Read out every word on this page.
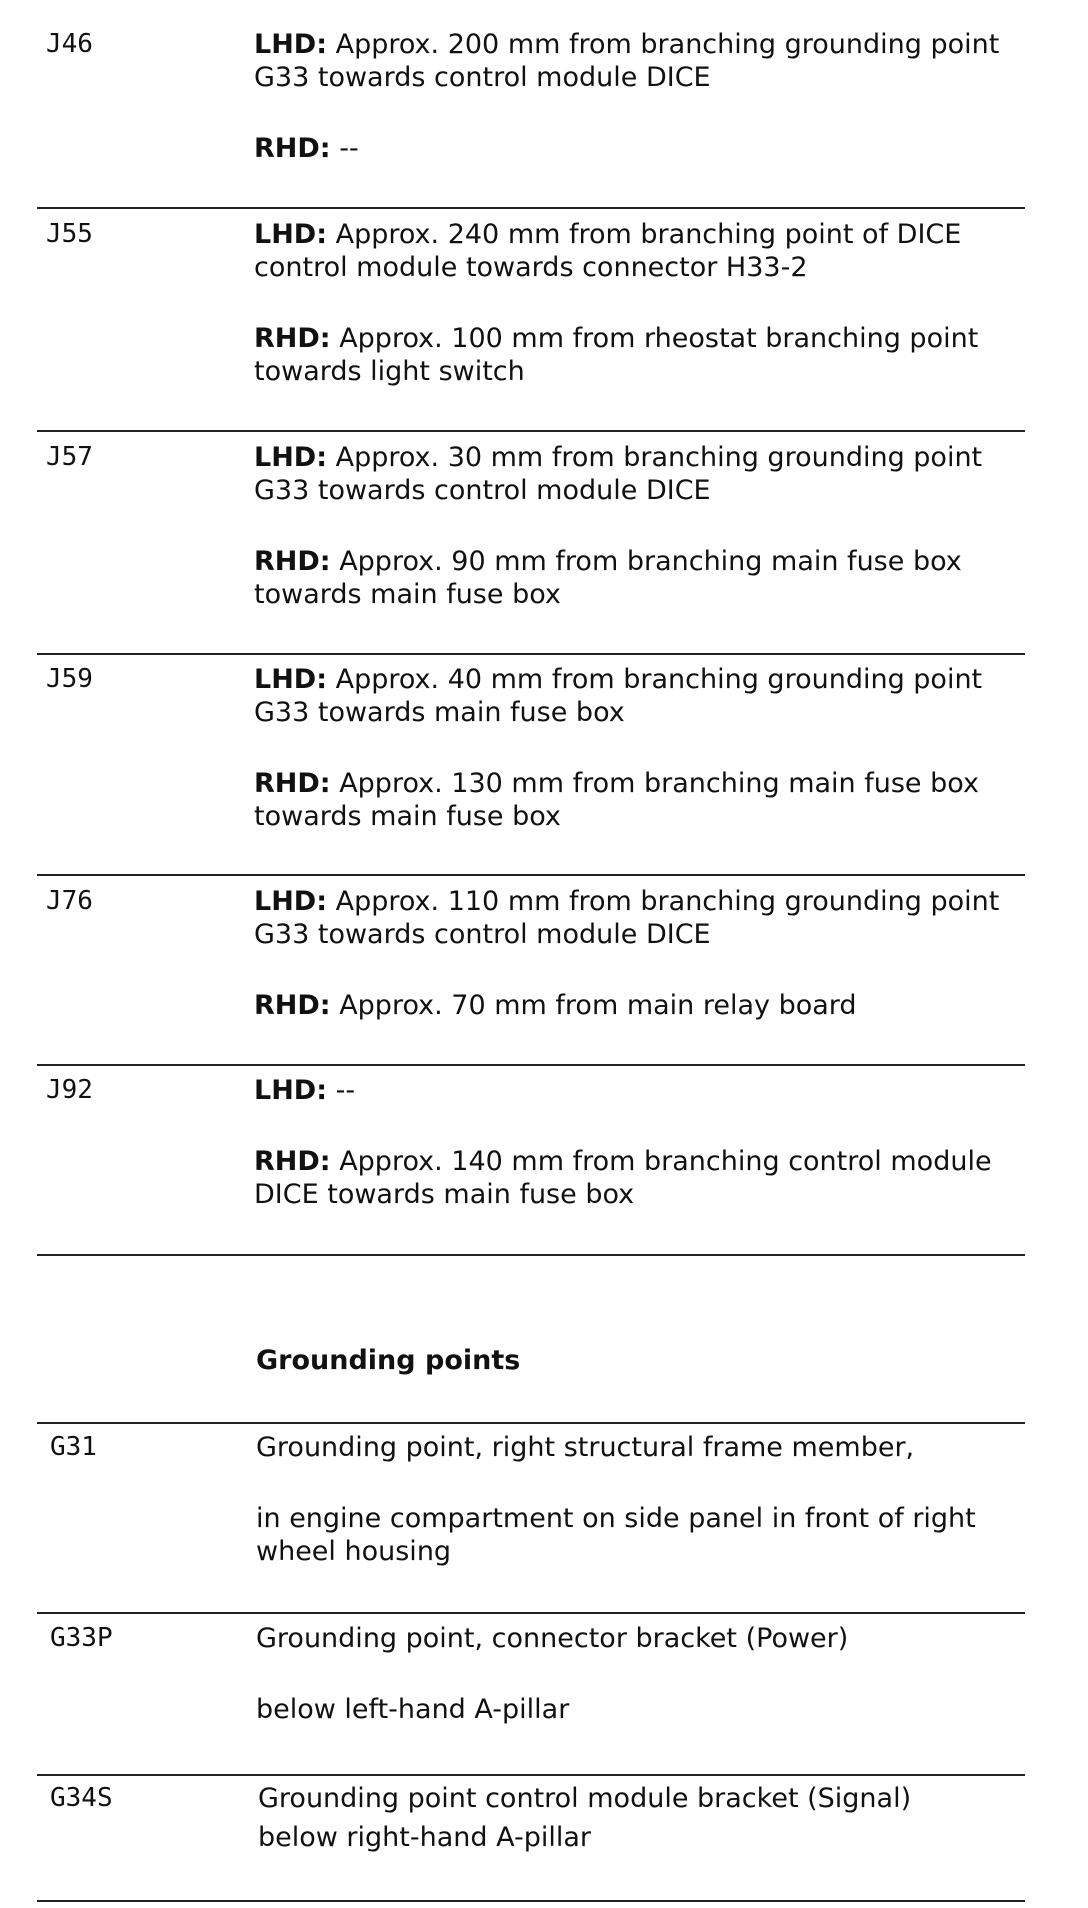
J46	LHD: Approx. 200 mm from branching grounding point G33 towards control module DICE

RHD: --

J55	LHD: Approx. 240 mm from branching point of DICE control module towards connector H33-2

RHD: Approx. 100 mm from rheostat branching point towards light switch

J57	LHD: Approx. 30 mm from branching grounding point G33 towards control module DICE

RHD: Approx. 90 mm from branching main fuse box towards main fuse box

J59	LHD: Approx. 40 mm from branching grounding point G33 towards main fuse box

RHD: Approx. 130 mm from branching main fuse box towards main fuse box

J76	LHD: Approx. 110 mm from branching grounding point G33 towards control module DICE

RHD: Approx. 70 mm from main relay board

J92	LHD: --

RHD: Approx. 140 mm from branching control module DICE towards main fuse box

Grounding points
G31	Grounding point, right structural frame member,

in engine compartment on side panel in front of right wheel housing

G33P	Grounding point, connector bracket (Power)

below left-hand A-pillar

G34S	Grounding point control module bracket (Signal)

below right-hand A-pillar
